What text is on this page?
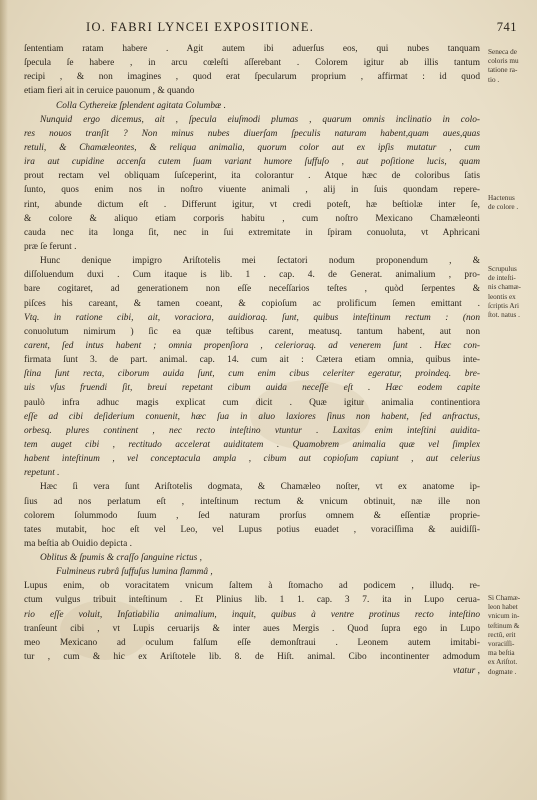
IO. FABRI LYNCEI EXPOSITIONE.	741
ſententiam ratam habere . Agit autem ibi aduerſus eos, qui nubes tanquam
ſpecula ſe habere , in arcu cœleſti aſſerebant . Colorem igitur ab illis tantum
recipi , & non imagines , quod erat ſpecularum proprium , affirmat : id quod
etiam fieri ait in ceruice pauonum , & quando
Colla Cythereiæ ſplendent agitata Columbæ .
Nunquid ergo dicemus, ait , ſpecula eiuſmodi plumas , quarum omnis inclinatio in colo-
res nouos tranſit ? Non minus nubes diuerſam ſpeculis naturam habent,quam aues,quas
retuli, & Chamæleontes, & reliqua animalia, quorum color aut ex ipſis mutatur , cum
ira aut cupidine accenſa cutem ſuam variant humore ſuffuſo , aut poſitione lucis, quam
prout rectam vel obliquam ſuſceperint, ita colorantur . Atque hæc de coloribus ſatis
ſunto, quos enim nos in noſtro viuente animali , alij in ſuis quondam repere-
rint, abunde dictum eſt . Differunt igitur, vt credi poteſt, hæ beſtiolæ inter ſe,
& colore & aliquo etiam corporis habitu , cum noſtro Mexicano Chamæleonti
cauda nec ita longa ſit, nec in ſui extremitate in ſpiram conuoluta, vt Aphricani
præ ſe ferunt .
Hunc denique impigro Ariſtotelis mei ſectatori nodum proponendum , &
diſſoluendum duxi . Cum itaque is lib. 1 . cap. 4. de Generat. animalium , pro-
bare cogitaret, ad generationem non eſſe neceſſarios teſtes , quòd ſerpentes &
piſces his careant, & tamen coeant, & copioſum ac prolificum ſemen emittant .
Vtq. in ratione cibi, ait, voraciora, auidioraq. ſunt, quibus inteſtinum rectum : (non
conuolutum nimirum ) ſic ea quæ teſtibus carent, meatusq. tantum habent, aut non
carent, ſed intus habent ; omnia propenſiora , celerioraq. ad venerem ſunt . Hæc con-
firmata ſunt 3. de part. animal. cap. 14. cum ait : Cætera etiam omnia, quibus inte-
ſtina ſunt recta, ciborum auida ſunt, cum enim cibus celeriter egeratur, proindeq. bre-
uis vſus fruendi ſit, breui repetant cibum auida neceſſe eſt . Hæc eodem capite
paulò infra adhuc magis explicat cum dicit . Quæ igitur animalia continentiora
eſſe ad cibi deſiderium conuenit, hæc ſua in aluo laxiores ſinus non habent, ſed anfractus,
orbesq. plures continent , nec recto inteſtino vtuntur . Laxitas enim inteſtini auidita-
tem auget cibi , rectitudo accelerat auiditatem . Quamobrem animalia quæ vel ſimplex
habent inteſtinum , vel conceptacula ampla , cibum aut copioſum capiunt , aut celerius
repetunt .
Hæc ſi vera ſunt Ariſtotelis dogmata, & Chamæleo noſter, vt ex anatome ip-
ſius ad nos perlatum eſt , inteſtinum rectum & vnicum obtinuit, næ ille non
colorem ſolummodo ſuum , ſed naturam prorſus omnem & eſſentiæ proprie-
tates mutabit, hoc eſt vel Leo, vel Lupus potius euadet , voraciſſima & auidiſſi-
ma beſtia ab Ouidio depicta .
Oblitus & ſpumis & craſſo ſanguine rictus ,
Fulmineus rubrâ ſuffuſus lumina flammâ ,
Lupus enim, ob voracitatem vnicum ſaltem à ſtomacho ad podicem , illudq. re-
ctum vulgus tribuit inteſtinum . Et Plinius lib. 1 1. cap. 3 7. ita in Lupo cerua-
rio eſſe voluit, Inſatiabilia animalium, inquit, quibus à ventre protinus recto inteſtino
tranſeunt cibi , vt Lupis ceruarijs & inter aues Mergis . Quod ſupra ego in Lupo
meo Mexicano ad oculum falſum eſſe demonſtraui . Leonem autem imitabi-
tur , cum & hic ex Ariſtotele lib. 8. de Hiſt. animal. Cibo incontinenter admodum
vtatur ,
Seneca de
coloris mu
tatione ra-
tio .
Hactenus
de colore .
Scrupulus
de inteſti-
nis chamæ-
leontis ex
ſcriptis Ari
ſtot. natus .
Si Chamæ-
leon habet
vnicum in-
teſtinum &
rectũ, erit
voraciſſi-
ma beſtia
ex Ariſtot.
dogmate .
